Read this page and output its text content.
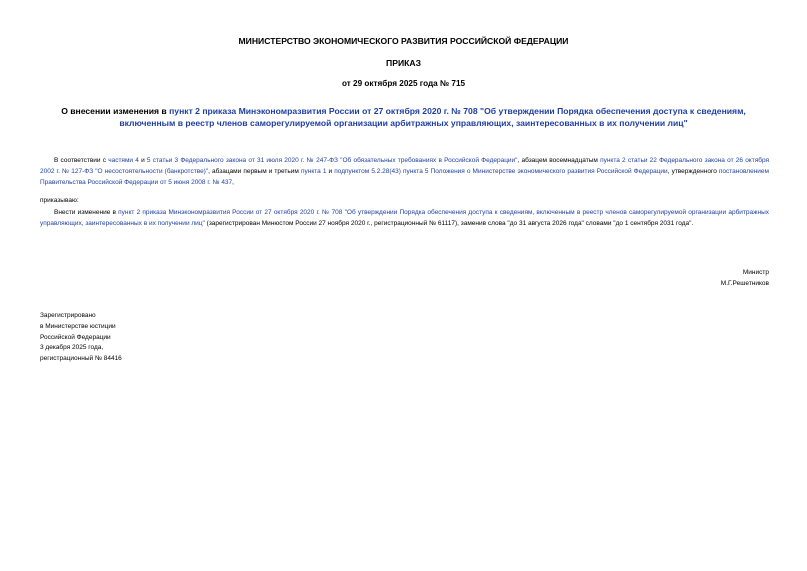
МИНИСТЕРСТВО ЭКОНОМИЧЕСКОГО РАЗВИТИЯ РОССИЙСКОЙ ФЕДЕРАЦИИ
ПРИКАЗ
от 29 октября 2025 года № 715
О внесении изменения в пункт 2 приказа Минэкономразвития России от 27 октября 2020 г. № 708 "Об утверждении Порядка обеспечения доступа к сведениям, включенным в реестр членов саморегулируемой организации арбитражных управляющих, заинтересованных в их получении лиц"
В соответствии с частями 4 и 5 статьи 3 Федерального закона от 31 июля 2020 г. № 247-ФЗ "Об обязательных требованиях в Российской Федерации", абзацем восемнадцатым пункта 2 статьи 22 Федерального закона от 26 октября 2002 г. № 127-ФЗ "О несостоятельности (банкротстве)", абзацами первым и третьим пункта 1 и подпунктом 5.2.28(43) пункта 5 Положения о Министерстве экономического развития Российской Федерации, утвержденного постановлением Правительства Российской Федерации от 5 июня 2008 г. № 437,
приказываю:
Внести изменение в пункт 2 приказа Минэкономразвития России от 27 октября 2020 г. № 708 "Об утверждении Порядка обеспечения доступа к сведениям, включенным в реестр членов саморегулируемой организации арбитражных управляющих, заинтересованных в их получении лиц" (зарегистрирован Минюстом России 27 ноября 2020 г., регистрационный № 61117), заменив слова "до 31 августа 2026 года" словами "до 1 сентября 2031 года".
Министр
М.Г.Решетников
Зарегистрировано
в Министерстве юстиции
Российской Федерации
3 декабря 2025 года,
регистрационный № 84416
